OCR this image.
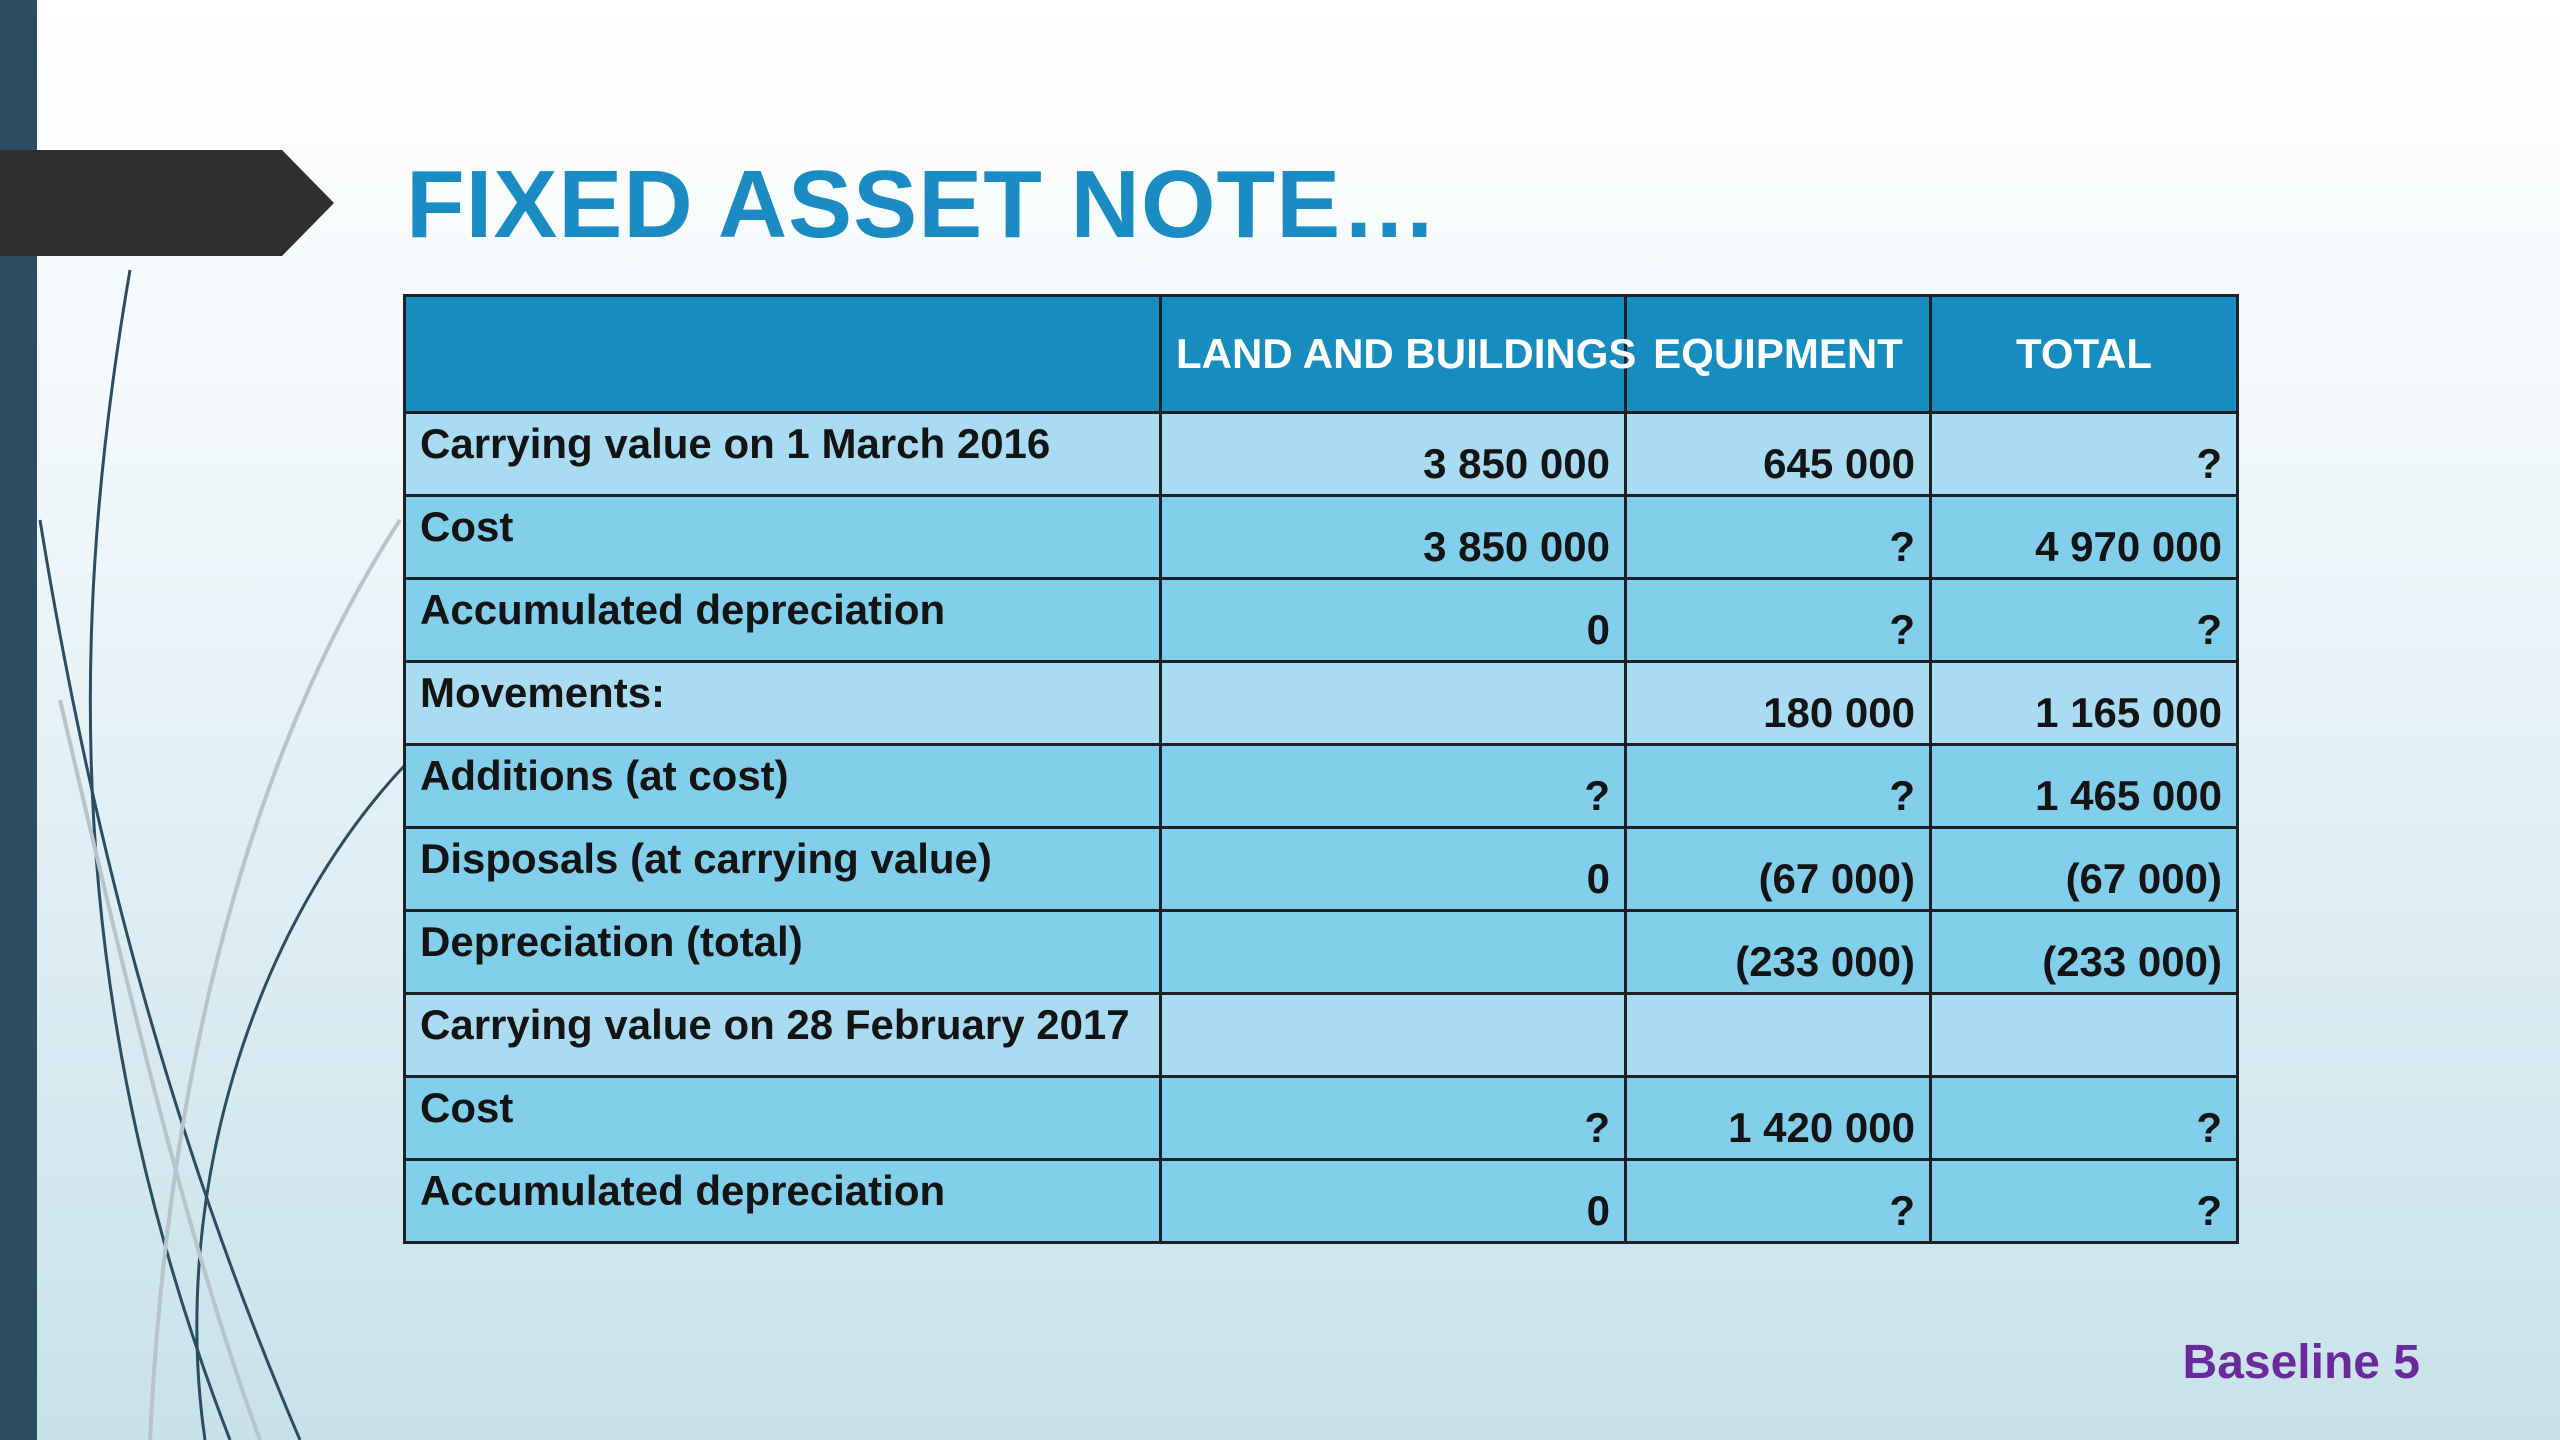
FIXED ASSET NOTE…
	LAND AND BUILDINGS	EQUIPMENT	TOTAL
Carrying value on 1 March 2016	3 850 000	645 000	?
Cost	3 850 000	?	4 970 000
Accumulated depreciation	0	?	?
Movements:		180 000	1 165 000
Additions (at cost)	?	?	1 465 000
Disposals (at carrying value)	0	(67 000)	(67 000)
Depreciation (total)		(233 000)	(233 000)
Carrying value on 28 February 2017			
Cost	?	1 420 000	?
Accumulated depreciation	0	?	?
Baseline 5
